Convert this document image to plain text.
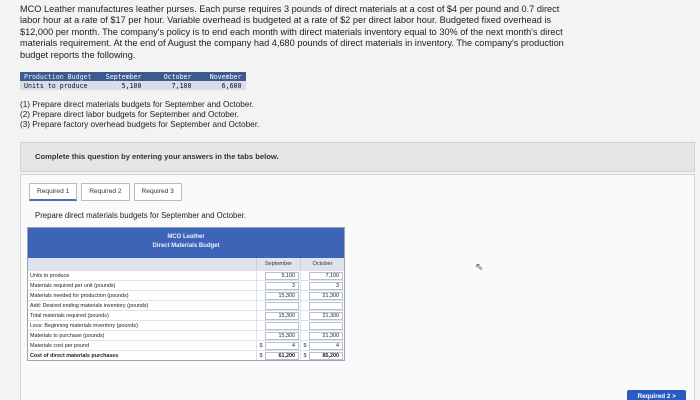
MCO Leather manufactures leather purses. Each purse requires 3 pounds of direct materials at a cost of $4 per pound and 0.7 direct labor hour at a rate of $17 per hour. Variable overhead is budgeted at a rate of $2 per direct labor hour. Budgeted fixed overhead is $12,000 per month. The company's policy is to end each month with direct materials inventory equal to 30% of the next month's direct materials requirement. At the end of August the company had 4,680 pounds of direct materials in inventory. The company's production budget reports the following.
Production Budget	September	October	November
Units to produce	5,100	7,100	6,600
(1) Prepare direct materials budgets for September and October.
(2) Prepare direct labor budgets for September and October.
(3) Prepare factory overhead budgets for September and October.
Complete this question by entering your answers in the tabs below.
Required 1	Required 2	Required 3
Prepare direct materials budgets for September and October.
MCO Leather
Direct Materials Budget
September	October
Units to produce	5,100	7,100
Materials required per unit (pounds)	3	3
Materials needed for production (pounds)	15,300	21,300
Add: Desired ending materials inventory (pounds)
Total materials required (pounds)	15,300	21,300
Less: Beginning materials inventory (pounds)
Materials to purchase (pounds)	15,300	21,300
Materials cost per pound	$	4	$	4
Cost of direct materials purchases	$	61,200	$	85,200
Required 2 >
⇖
